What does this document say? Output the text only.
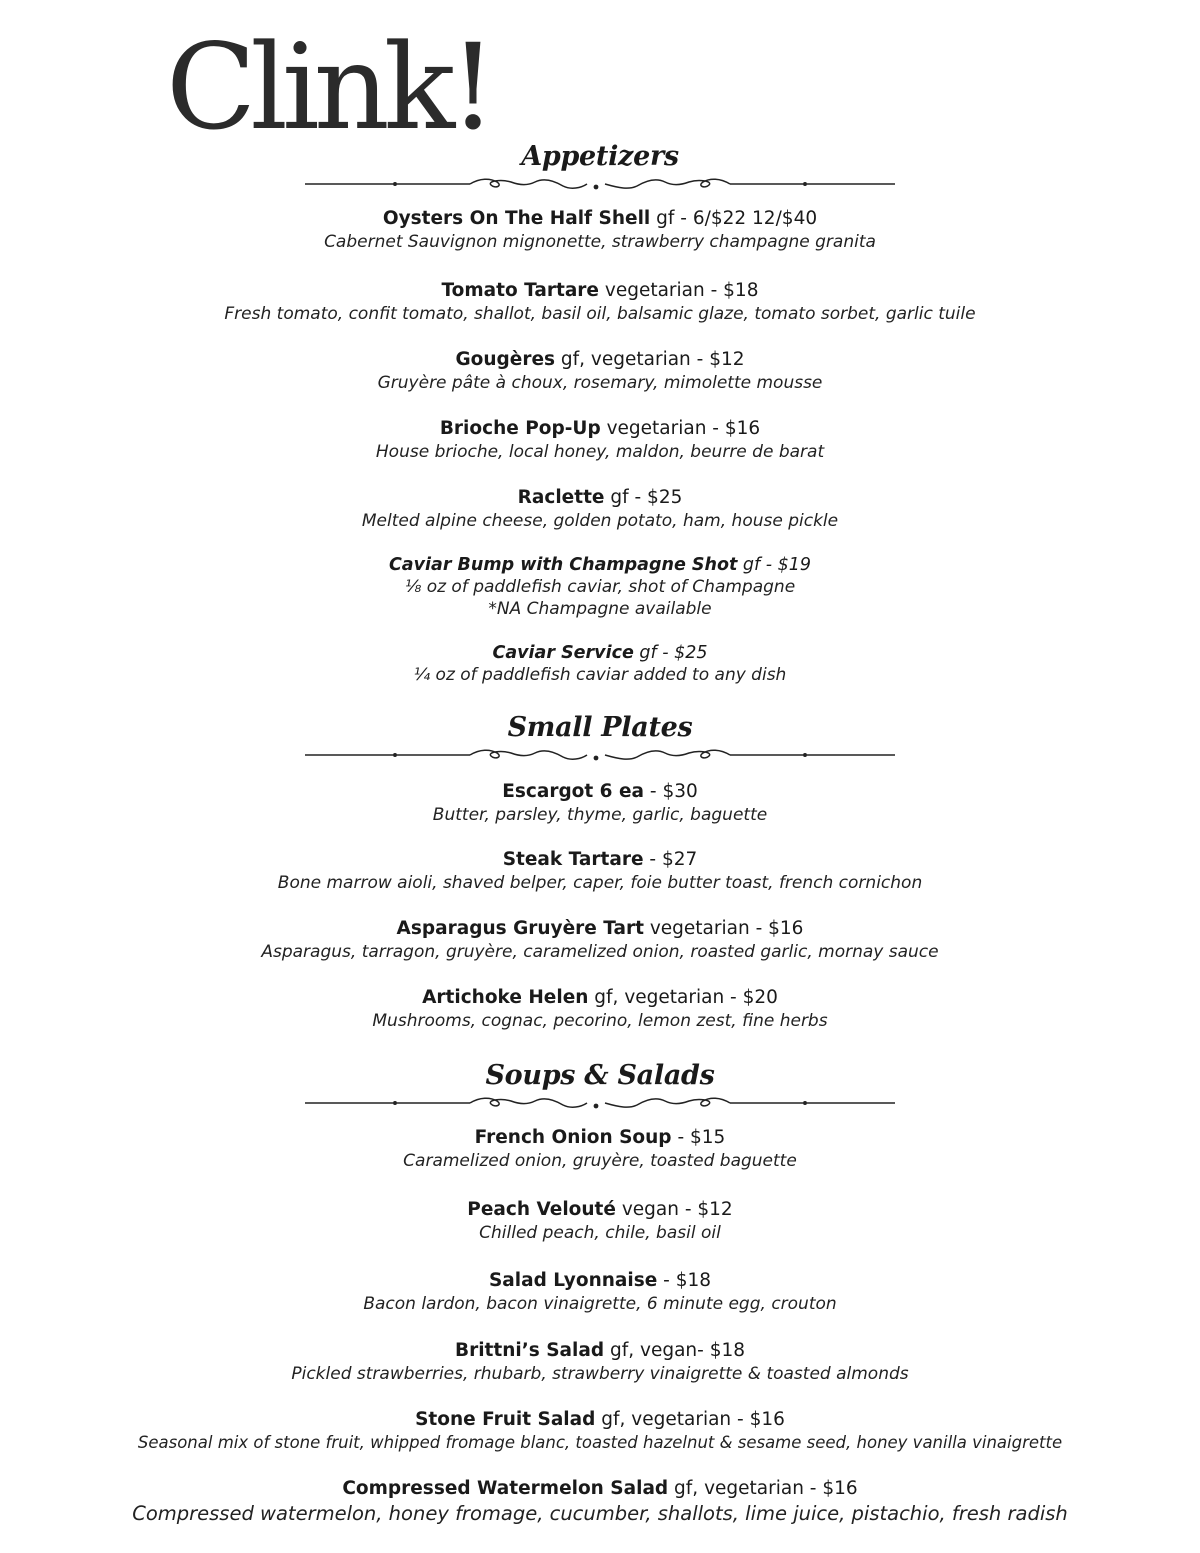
Clink!
Appetizers
Oysters On The Half Shell gf - 6/$22 12/$40
Cabernet Sauvignon mignonette, strawberry champagne granita
Tomato Tartare vegetarian - $18
Fresh tomato, confit tomato, shallot, basil oil, balsamic glaze, tomato sorbet, garlic tuile
Gougères gf, vegetarian - $12
Gruyère pâte à choux, rosemary, mimolette mousse
Brioche Pop-Up vegetarian - $16
House brioche, local honey, maldon, beurre de barat
Raclette gf - $25
Melted alpine cheese, golden potato, ham, house pickle
Caviar Bump with Champagne Shot gf - $19
⅛ oz of paddlefish caviar, shot of Champagne
*NA Champagne available
Caviar Service gf - $25
¼ oz of paddlefish caviar added to any dish
Small Plates
Escargot 6 ea - $30
Butter, parsley, thyme, garlic, baguette
Steak Tartare - $27
Bone marrow aioli, shaved belper, caper, foie butter toast, french cornichon
Asparagus Gruyère Tart vegetarian - $16
Asparagus, tarragon, gruyère, caramelized onion, roasted garlic, mornay sauce
Artichoke Helen gf, vegetarian - $20
Mushrooms, cognac, pecorino, lemon zest, fine herbs
Soups & Salads
French Onion Soup - $15
Caramelized onion, gruyère, toasted baguette
Peach Velouté vegan - $12
Chilled peach, chile, basil oil
Salad Lyonnaise - $18
Bacon lardon, bacon vinaigrette, 6 minute egg, crouton
Brittni’s Salad gf, vegan- $18
Pickled strawberries, rhubarb, strawberry vinaigrette & toasted almonds
Stone Fruit Salad gf, vegetarian - $16
Seasonal mix of stone fruit, whipped fromage blanc, toasted hazelnut & sesame seed, honey vanilla vinaigrette
Compressed Watermelon Salad gf, vegetarian - $16
Compressed watermelon, honey fromage, cucumber, shallots, lime juice, pistachio, fresh radish
